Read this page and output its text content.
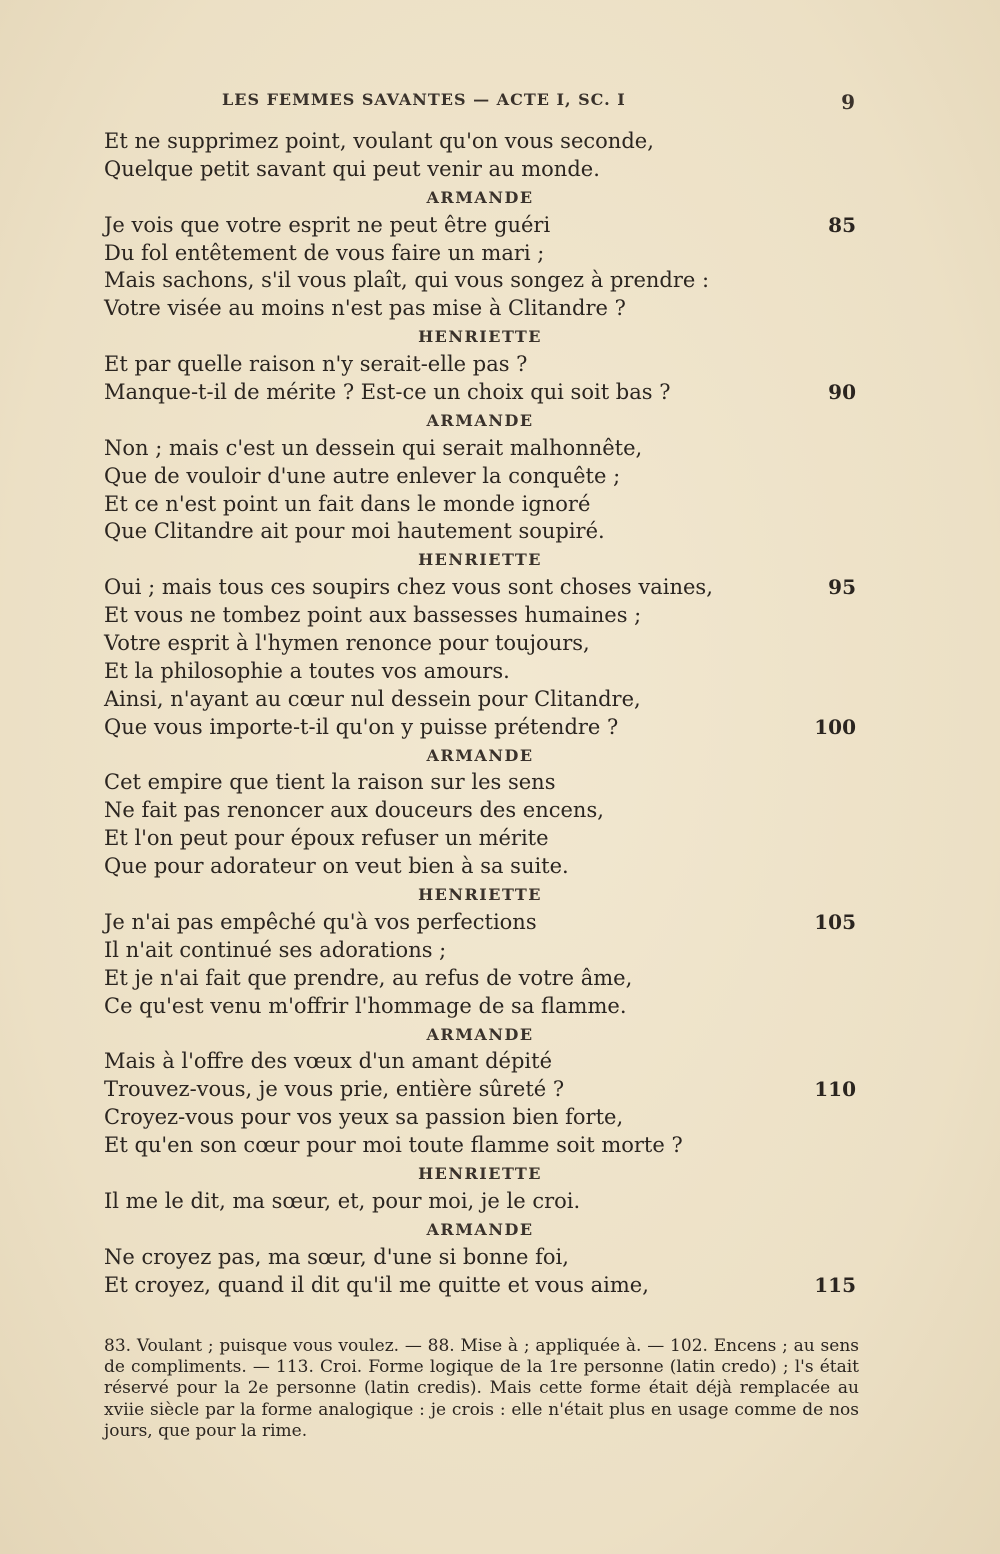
LES FEMMES SAVANTES — ACTE I, SC. I	9
Et ne supprimez point, voulant qu'on vous seconde,
Quelque petit savant qui peut venir au monde.
ARMANDE
Je vois que votre esprit ne peut être guéri	85
Du fol entêtement de vous faire un mari ;
Mais sachons, s'il vous plaît, qui vous songez à prendre :
Votre visée au moins n'est pas mise à Clitandre ?
HENRIETTE
Et par quelle raison n'y serait-elle pas ?
Manque-t-il de mérite ? Est-ce un choix qui soit bas ?	90
ARMANDE
Non ; mais c'est un dessein qui serait malhonnête,
Que de vouloir d'une autre enlever la conquête ;
Et ce n'est point un fait dans le monde ignoré
Que Clitandre ait pour moi hautement soupiré.
HENRIETTE
Oui ; mais tous ces soupirs chez vous sont choses vaines,	95
Et vous ne tombez point aux bassesses humaines ;
Votre esprit à l'hymen renonce pour toujours,
Et la philosophie a toutes vos amours.
Ainsi, n'ayant au cœur nul dessein pour Clitandre,
Que vous importe-t-il qu'on y puisse prétendre ?	100
ARMANDE
Cet empire que tient la raison sur les sens
Ne fait pas renoncer aux douceurs des encens,
Et l'on peut pour époux refuser un mérite
Que pour adorateur on veut bien à sa suite.
HENRIETTE
Je n'ai pas empêché qu'à vos perfections	105
Il n'ait continué ses adorations ;
Et je n'ai fait que prendre, au refus de votre âme,
Ce qu'est venu m'offrir l'hommage de sa flamme.
ARMANDE
Mais à l'offre des vœux d'un amant dépité
Trouvez-vous, je vous prie, entière sûreté ?	110
Croyez-vous pour vos yeux sa passion bien forte,
Et qu'en son cœur pour moi toute flamme soit morte ?
HENRIETTE
Il me le dit, ma sœur, et, pour moi, je le croi.
ARMANDE
Ne croyez pas, ma sœur, d'une si bonne foi,
Et croyez, quand il dit qu'il me quitte et vous aime,	115

83. Voulant ; puisque vous voulez. — 88. Mise à ; appliquée à. — 102. Encens ; au sens de compliments. — 113. Croi. Forme logique de la 1re personne (latin credo) ; l's était réservé pour la 2e personne (latin credis). Mais cette forme était déjà remplacée au xviie siècle par la forme analogique : je crois : elle n'était plus en usage comme de nos jours, que pour la rime.
